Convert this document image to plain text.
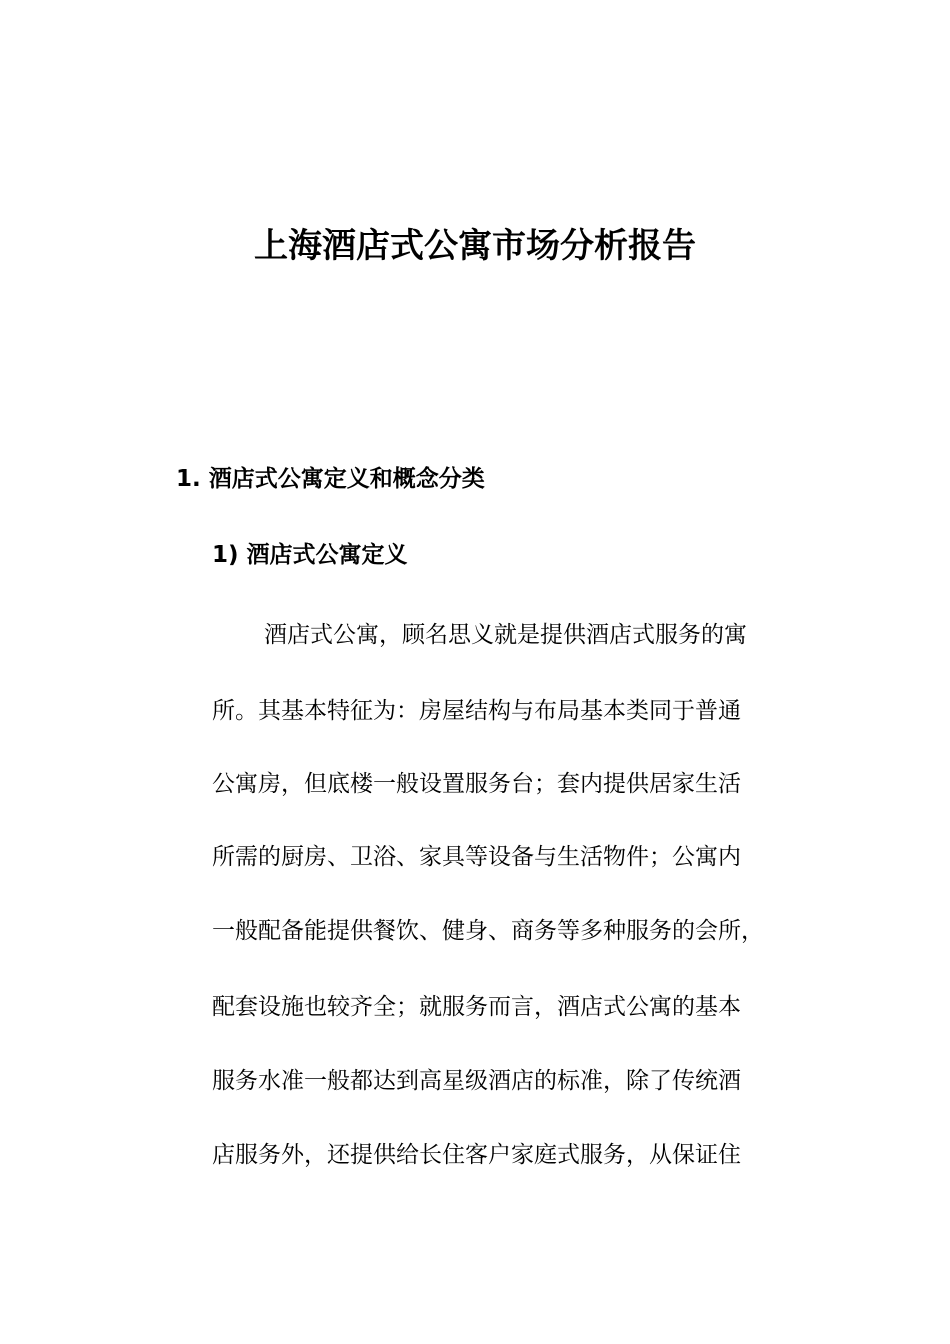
上海酒店式公寓市场分析报告
1. 酒店式公寓定义和概念分类
1) 酒店式公寓定义
酒店式公寓，顾名思义就是提供酒店式服务的寓
所。其基本特征为：房屋结构与布局基本类同于普通
公寓房，但底楼一般设置服务台；套内提供居家生活
所需的厨房、卫浴、家具等设备与生活物件；公寓内
一般配备能提供餐饮、健身、商务等多种服务的会所，
配套设施也较齐全；就服务而言，酒店式公寓的基本
服务水准一般都达到高星级酒店的标准，除了传统酒
店服务外，还提供给长住客户家庭式服务，从保证住
